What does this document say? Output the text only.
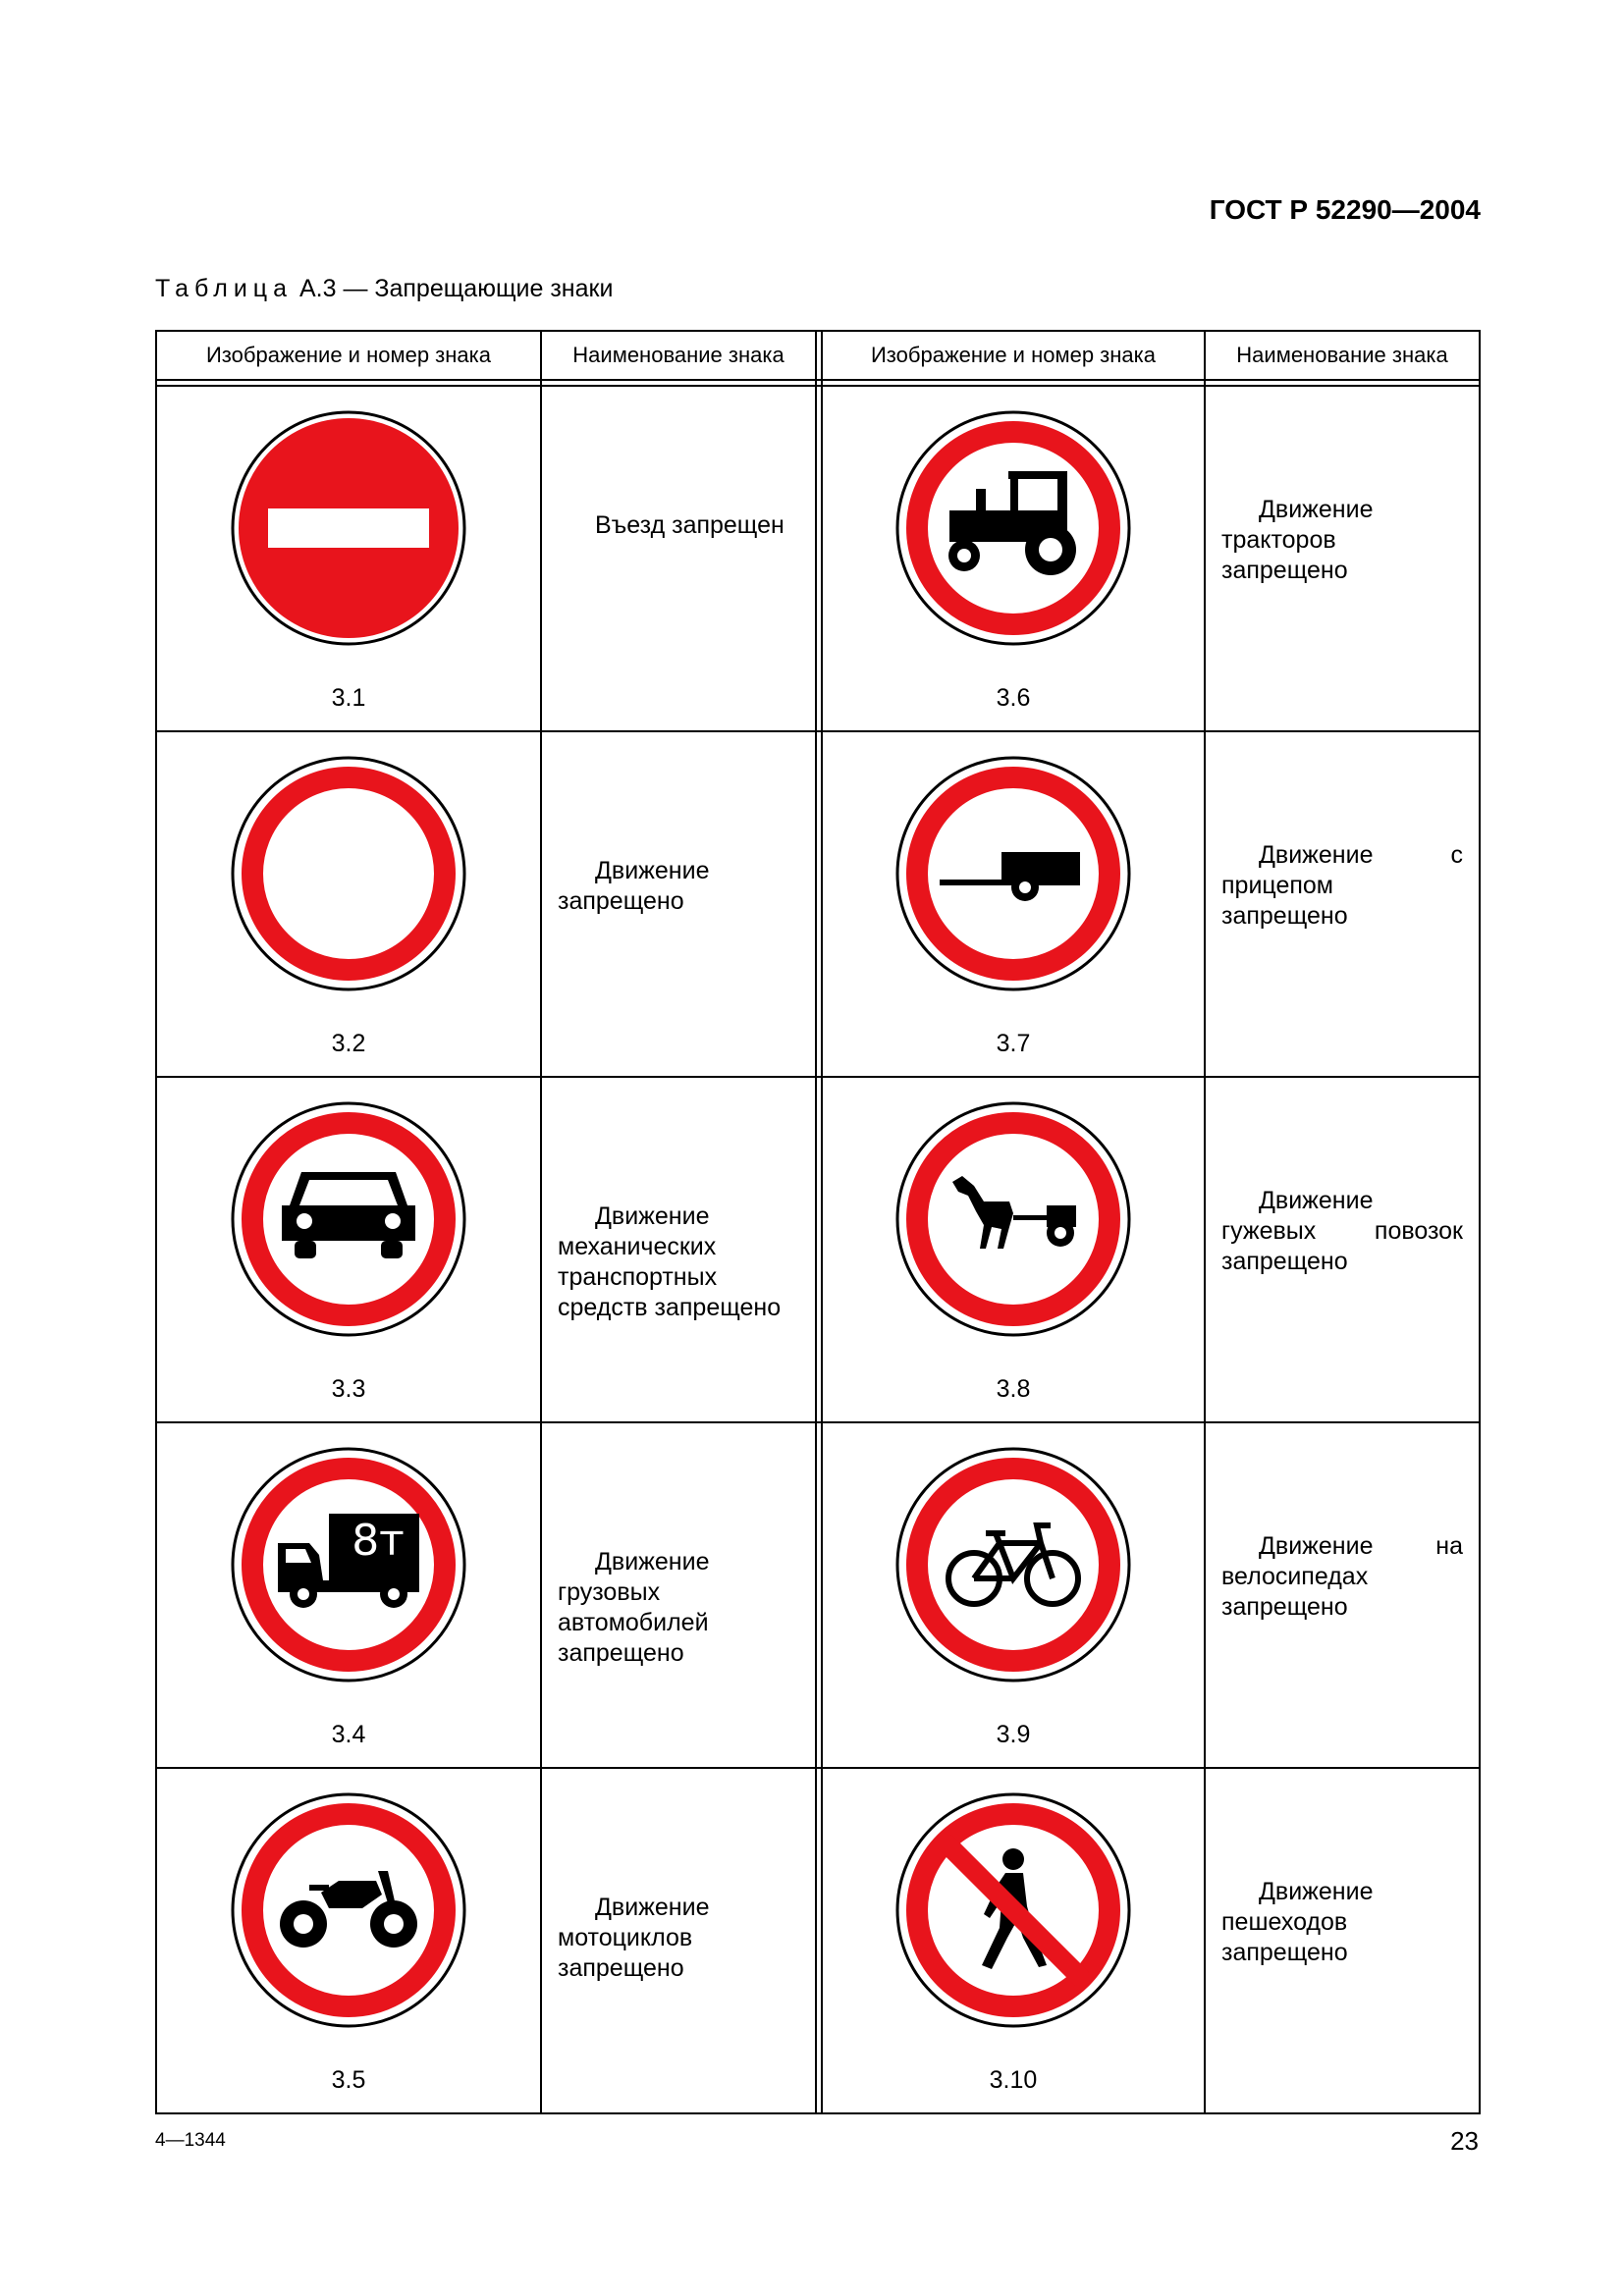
ГОСТ Р 52290—2004
Таблица А.3 — Запрещающие знаки
Изображение и номер знака	Наименование знака		Изображение и номер знака	Наименование знака

3.1	Въезд запрещен		3.6	Движение тракторов запрещено

3.2	Движение запрещено		3.7	Движение с прицепом запрещено

3.3	Движение механических транспортных средств запрещено		3.8	Движение гужевых повозок запрещено

8т
3.4	Движение грузовых автомобилей запрещено		3.9	Движение на велосипедах запрещено

3.5	Движение мотоциклов запрещено		3.10	Движение пешеходов запрещено
4—1344	23
